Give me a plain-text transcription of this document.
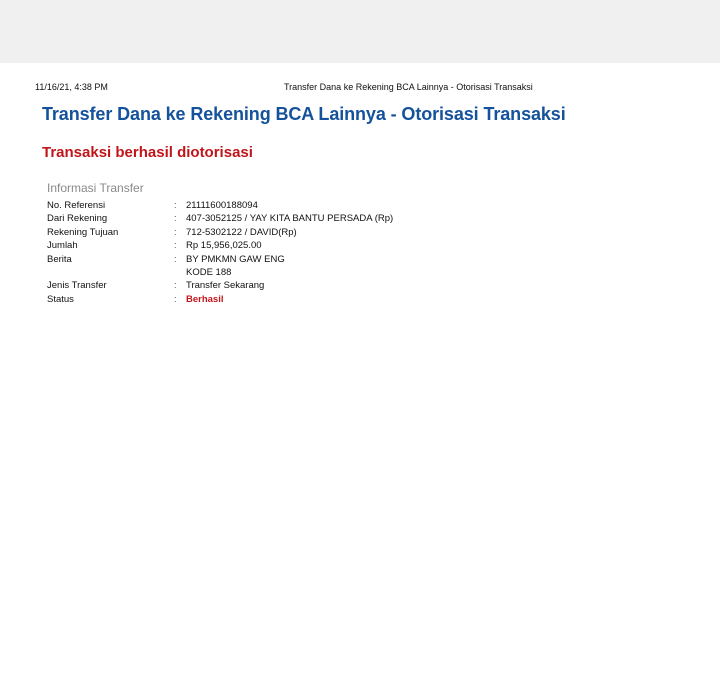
11/16/21, 4:38 PM	Transfer Dana ke Rekening BCA Lainnya - Otorisasi Transaksi
Transfer Dana ke Rekening BCA Lainnya - Otorisasi Transaksi
Transaksi berhasil diotorisasi
Informasi Transfer
No. Referensi	: 21111600188094
Dari Rekening	: 407-3052125 / YAY KITA BANTU PERSADA (Rp)
Rekening Tujuan	: 712-5302122 / DAVID(Rp)
Jumlah	: Rp 15,956,025.00
Berita	: BY PMKMN GAW ENG
KODE 188
Jenis Transfer	: Transfer Sekarang
Status	: Berhasil
